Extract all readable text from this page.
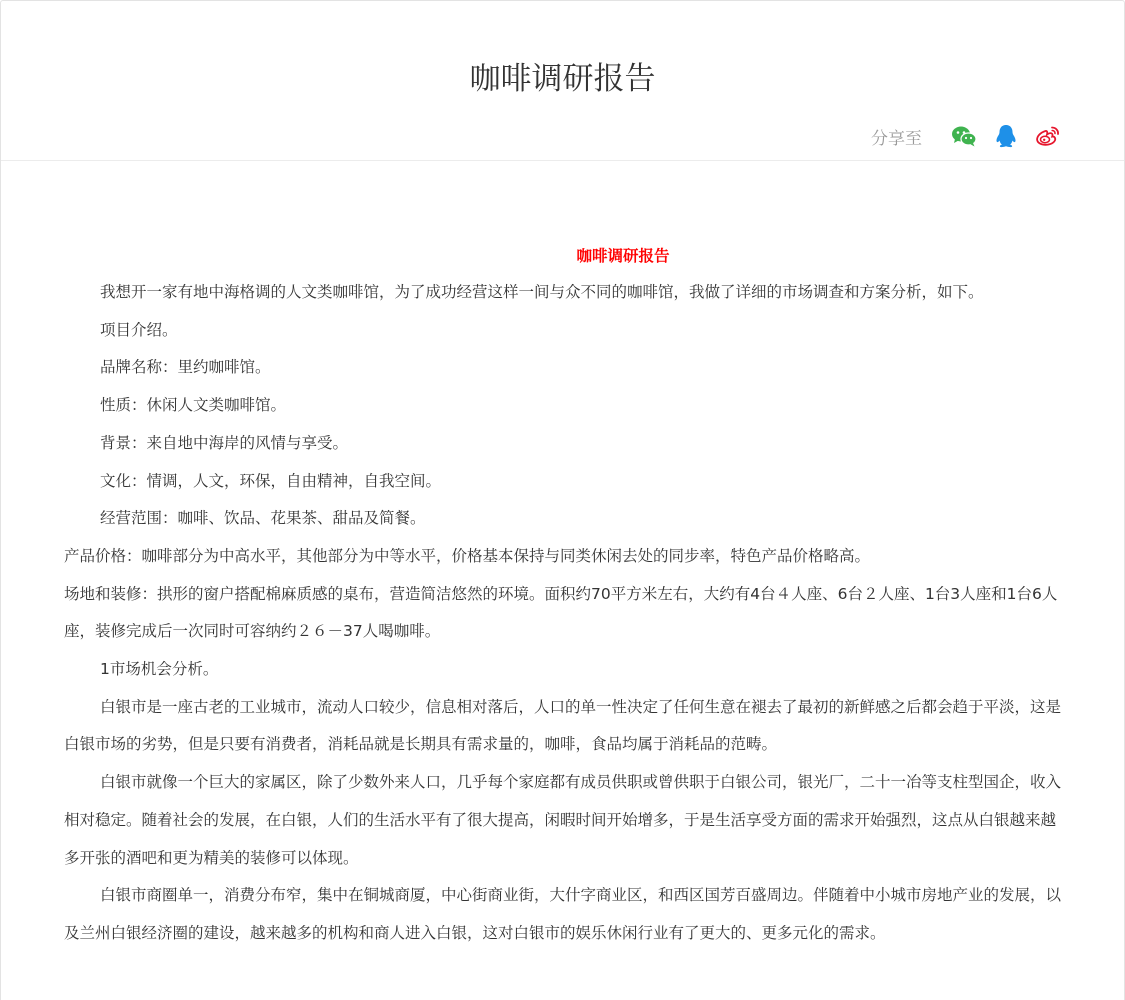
咖啡调研报告
分享至
咖啡调研报告

我想开一家有地中海格调的人文类咖啡馆，为了成功经营这样一间与众不同的咖啡馆，我做了详细的市场调查和方案分析，如下。

项目介绍。

品牌名称：里约咖啡馆。

性质：休闲人文类咖啡馆。

背景：来自地中海岸的风情与享受。

文化：情调，人文，环保，自由精神，自我空间。

经营范围：咖啡、饮品、花果茶、甜品及简餐。

产品价格：咖啡部分为中高水平，其他部分为中等水平，价格基本保持与同类休闲去处的同步率，特色产品价格略高。

场地和装修：拱形的窗户搭配棉麻质感的桌布，营造简洁悠然的环境。面积约70平方米左右，大约有4台４人座、6台２人座、1台3人座和1台6人座，装修完成后一次同时可容纳约２６－37人喝咖啡。

1市场机会分析。

白银市是一座古老的工业城市，流动人口较少，信息相对落后，人口的单一性决定了任何生意在褪去了最初的新鲜感之后都会趋于平淡，这是白银市场的劣势，但是只要有消费者，消耗品就是长期具有需求量的，咖啡，食品均属于消耗品的范畴。

白银市就像一个巨大的家属区，除了少数外来人口，几乎每个家庭都有成员供职或曾供职于白银公司，银光厂，二十一冶等支柱型国企，收入相对稳定。随着社会的发展，在白银，人们的生活水平有了很大提高，闲暇时间开始增多，于是生活享受方面的需求开始强烈，这点从白银越来越多开张的酒吧和更为精美的装修可以体现。

白银市商圈单一，消费分布窄，集中在铜城商厦，中心街商业街，大什字商业区，和西区国芳百盛周边。伴随着中小城市房地产业的发展，以及兰州白银经济圈的建设，越来越多的机构和商人进入白银，这对白银市的娱乐休闲行业有了更大的、更多元化的需求。
